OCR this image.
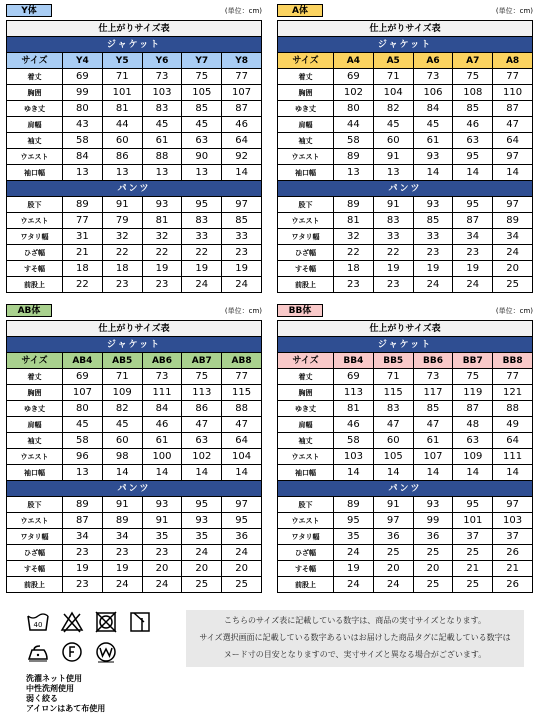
Y体	(単位：cm)
仕上がりサイズ表					
ジャケット					
サイズ	Y4	Y5	Y6	Y7	Y8
着丈	69	71	73	75	77
胸囲	99	101	103	105	107
ゆき丈	80	81	83	85	87
肩幅	43	44	45	45	46
袖丈	58	60	61	63	64
ウエスト	84	86	88	90	92
袖口幅	13	13	13	13	14
パンツ					
股下	89	91	93	95	97
ウエスト	77	79	81	83	85
ワタリ幅	31	32	32	33	33
ひざ幅	21	22	22	22	23
すそ幅	18	18	19	19	19
前股上	22	23	23	24	24
A体	(単位：cm)
仕上がりサイズ表					
ジャケット					
サイズ	A4	A5	A6	A7	A8
着丈	69	71	73	75	77
胸囲	102	104	106	108	110
ゆき丈	80	82	84	85	87
肩幅	44	45	45	46	47
袖丈	58	60	61	63	64
ウエスト	89	91	93	95	97
袖口幅	13	13	14	14	14
パンツ					
股下	89	91	93	95	97
ウエスト	81	83	85	87	89
ワタリ幅	32	33	33	34	34
ひざ幅	22	22	23	23	24
すそ幅	18	19	19	19	20
前股上	23	23	24	24	25
AB体	(単位：cm)
仕上がりサイズ表					
ジャケット					
サイズ	AB4	AB5	AB6	AB7	AB8
着丈	69	71	73	75	77
胸囲	107	109	111	113	115
ゆき丈	80	82	84	86	88
肩幅	45	45	46	47	47
袖丈	58	60	61	63	64
ウエスト	96	98	100	102	104
袖口幅	13	14	14	14	14
パンツ					
股下	89	91	93	95	97
ウエスト	87	89	91	93	95
ワタリ幅	34	34	35	35	36
ひざ幅	23	23	23	24	24
すそ幅	19	19	20	20	20
前股上	23	24	24	25	25
BB体	(単位：cm)
仕上がりサイズ表					
ジャケット					
サイズ	BB4	BB5	BB6	BB7	BB8
着丈	69	71	73	75	77
胸囲	113	115	117	119	121
ゆき丈	81	83	85	87	88
肩幅	46	47	47	48	49
袖丈	58	60	61	63	64
ウエスト	103	105	107	109	111
袖口幅	14	14	14	14	14
パンツ					
股下	89	91	93	95	97
ウエスト	95	97	99	101	103
ワタリ幅	35	36	36	37	37
ひざ幅	24	25	25	25	26
すそ幅	19	20	20	21	21
前股上	24	24	25	25	26
40
洗濯ネット使用
中性洗剤使用
弱く絞る
アイロンはあて布使用
こちらのサイズ表に記載している数字は、商品の実寸サイズとなります。
サイズ選択画面に記載している数字あるいはお届けした商品タグに記載している数字は
ヌード寸の目安となりますので、実寸サイズと異なる場合がございます。
